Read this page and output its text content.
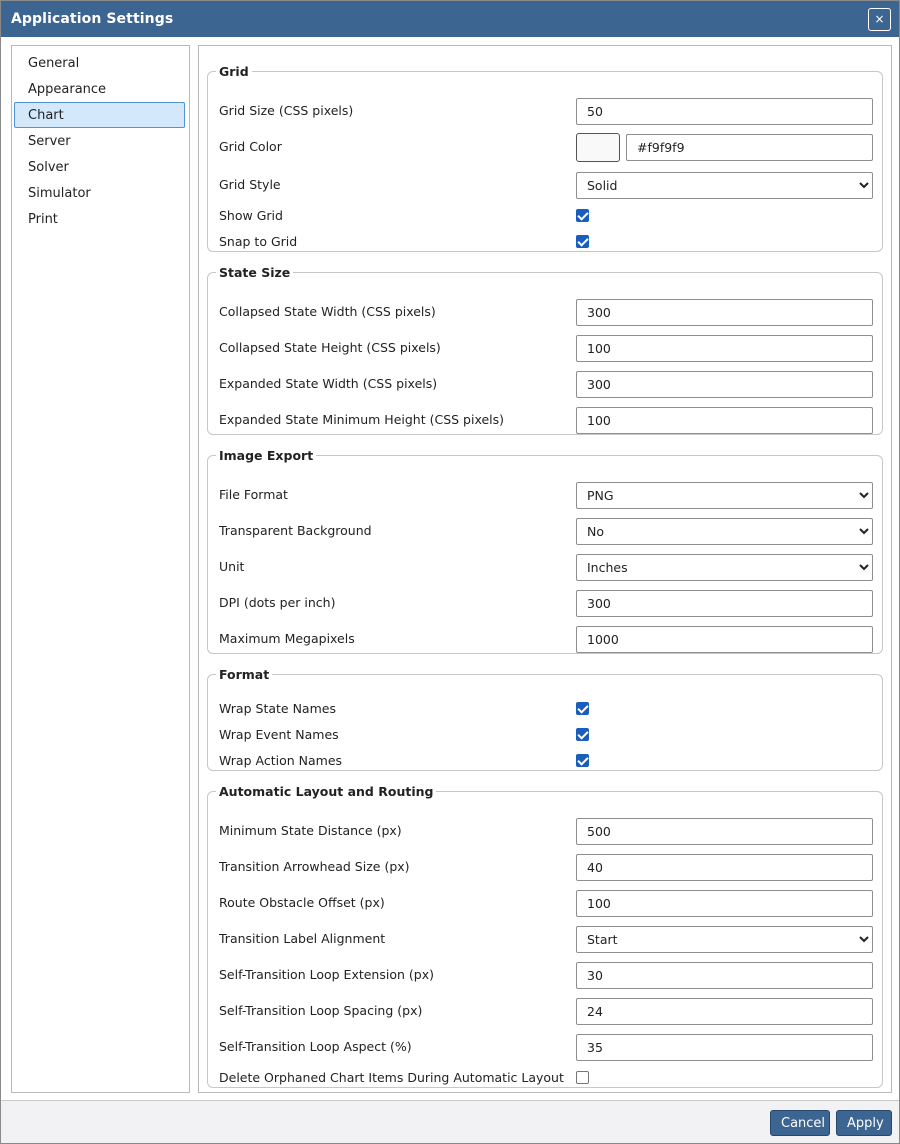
Application Settings	×
General
Appearance
Chart
Server
Solver
Simulator
Print
Grid
Grid Size (CSS pixels)
50
Grid Color
#f9f9f9
Grid Style
Solid
Show Grid
Snap to Grid
State Size
Collapsed State Width (CSS pixels)
300
Collapsed State Height (CSS pixels)
100
Expanded State Width (CSS pixels)
300
Expanded State Minimum Height (CSS pixels)
100
Image Export
File Format
PNG
Transparent Background
No
Unit
Inches
DPI (dots per inch)
300
Maximum Megapixels
1000
Format
Wrap State Names
Wrap Event Names
Wrap Action Names
Automatic Layout and Routing
Minimum State Distance (px)
500
Transition Arrowhead Size (px)
40
Route Obstacle Offset (px)
100
Transition Label Alignment
Start
Self-Transition Loop Extension (px)
30
Self-Transition Loop Spacing (px)
24
Self-Transition Loop Aspect (%)
35
Delete Orphaned Chart Items During Automatic Layout
Cancel	Apply
